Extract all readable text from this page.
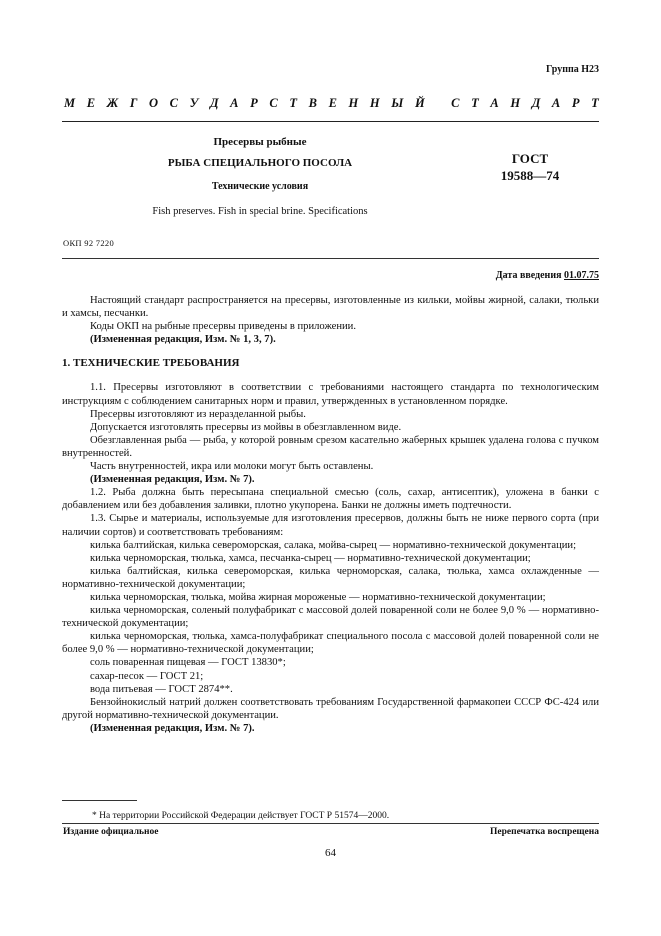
Группа Н23
М Е Ж Г О С У Д А Р С Т В Е Н Н Ы Й
С Т А Н Д А Р Т
Пресервы рыбные
РЫБА СПЕЦИАЛЬНОГО ПОСОЛА
Технические условия
Fish preserves. Fish in special brine. Specifications
ГОСТ
19588—74
ОКП 92 7220
Дата введения 01.07.75

Настоящий стандарт распространяется на пресервы, изготовленные из кильки, мойвы жирной, салаки, тюльки и хамсы, песчанки.

Коды ОКП на рыбные пресервы приведены в приложении.

(Измененная редакция, Изм. № 1, 3, 7).

1. ТЕХНИЧЕСКИЕ ТРЕБОВАНИЯ

1.1. Пресервы изготовляют в соответствии с требованиями настоящего стандарта по технологическим инструкциям с соблюдением санитарных норм и правил, утвержденных в установленном порядке.

Пресервы изготовляют из неразделанной рыбы.

Допускается изготовлять пресервы из мойвы в обезглавленном виде.

Обезглавленная рыба — рыба, у которой ровным срезом касательно жаберных крышек удалена голова с пучком внутренностей.

Часть внутренностей, икра или молоки могут быть оставлены.

(Измененная редакция, Изм. № 7).

1.2. Рыба должна быть пересыпана специальной смесью (соль, сахар, антисептик), уложена в банки с добавлением или без добавления заливки, плотно укупорена. Банки не должны иметь подтечности.

1.3. Сырье и материалы, используемые для изготовления пресервов, должны быть не ниже первого сорта (при наличии сортов) и соответствовать требованиям:

килька балтийская, килька североморская, салака, мойва-сырец — нормативно-технической документации;

килька черноморская, тюлька, хамса, песчанка-сырец — нормативно-технической документации;

килька балтийская, килька североморская, килька черноморская, салака, тюлька, хамса охлажденные — нормативно-технической документации;

килька черноморская, тюлька, мойва жирная мороженые — нормативно-технической документации;

килька черноморская, соленый полуфабрикат с массовой долей поваренной соли не более 9,0 % — нормативно-технической документации;

килька черноморская, тюлька, хамса-полуфабрикат специального посола с массовой долей поваренной соли не более 9,0 % — нормативно-технической документации;

соль поваренная пищевая — ГОСТ 13830*;

сахар-песок — ГОСТ 21;

вода питьевая — ГОСТ 2874**.

Бензойнокислый натрий должен соответствовать требованиям Государственной фармакопеи СССР ФС-424 или другой нормативно-технической документации.

(Измененная редакция, Изм. № 7).

* На территории Российской Федерации действует ГОСТ Р 51574—2000.
Издание официальное	Перепечатка воспрещена
64
